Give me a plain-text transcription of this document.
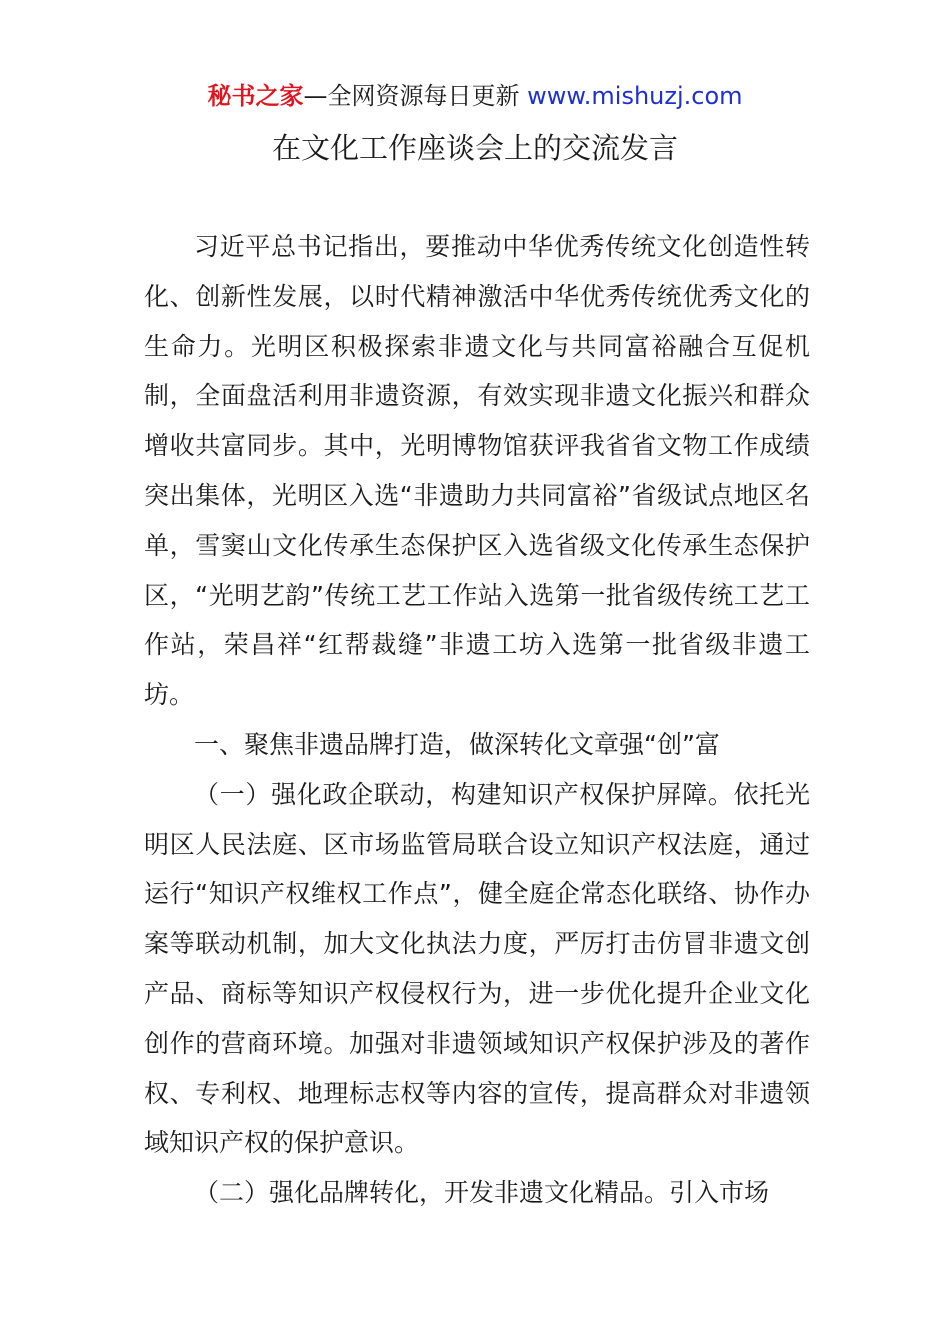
秘书之家—全网资源每日更新 www.mishuzj.com
在文化工作座谈会上的交流发言

习近平总书记指出，要推动中华优秀传统文化创造性转化、创新性发展，以时代精神激活中华优秀传统优秀文化的生命力。光明区积极探索非遗文化与共同富裕融合互促机制，全面盘活利用非遗资源，有效实现非遗文化振兴和群众增收共富同步。其中，光明博物馆获评我省省文物工作成绩突出集体，光明区入选“非遗助力共同富裕”省级试点地区名单，雪窦山文化传承生态保护区入选省级文化传承生态保护区，“光明艺韵”传统工艺工作站入选第一批省级传统工艺工作站，荣昌祥“红帮裁缝”非遗工坊入选第一批省级非遗工坊。

一、聚焦非遗品牌打造，做深转化文章强“创”富

（一）强化政企联动，构建知识产权保护屏障。依托光明区人民法庭、区市场监管局联合设立知识产权法庭，通过运行“知识产权维权工作点”，健全庭企常态化联络、协作办案等联动机制，加大文化执法力度，严厉打击仿冒非遗文创产品、商标等知识产权侵权行为，进一步优化提升企业文化创作的营商环境。加强对非遗领域知识产权保护涉及的著作权、专利权、地理标志权等内容的宣传，提高群众对非遗领域知识产权的保护意识。

（二）强化品牌转化，开发非遗文化精品。引入市场
